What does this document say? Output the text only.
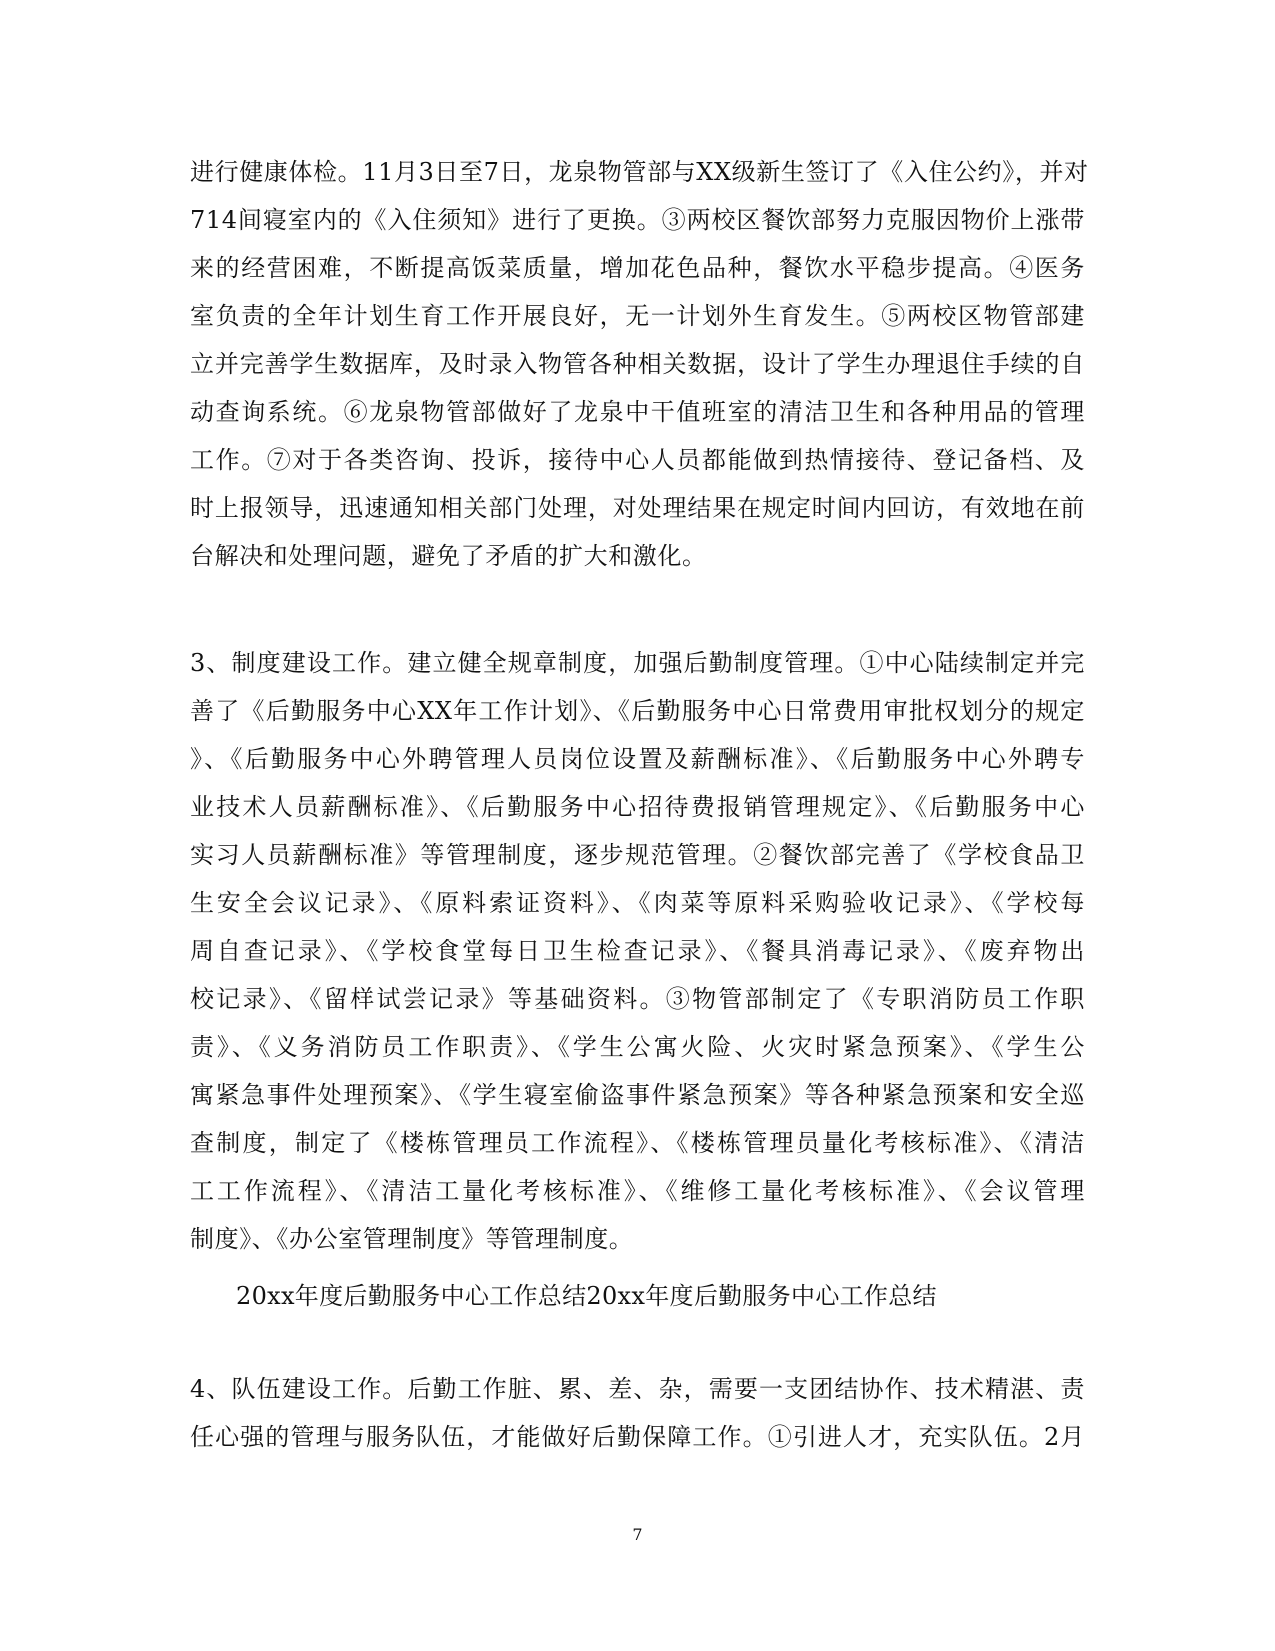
进行健康体检。11月3日至7日，龙泉物管部与XX级新生签订了《入住公约》，并对
714间寝室内的《入住须知》进行了更换。③两校区餐饮部努力克服因物价上涨带
来的经营困难，不断提高饭菜质量，增加花色品种，餐饮水平稳步提高。④医务
室负责的全年计划生育工作开展良好，无一计划外生育发生。⑤两校区物管部建
立并完善学生数据库，及时录入物管各种相关数据，设计了学生办理退住手续的自
动查询系统。⑥龙泉物管部做好了龙泉中干值班室的清洁卫生和各种用品的管理
工作。⑦对于各类咨询、投诉，接待中心人员都能做到热情接待、登记备档、及
时上报领导，迅速通知相关部门处理，对处理结果在规定时间内回访，有效地在前
台解决和处理问题，避免了矛盾的扩大和激化。
3、制度建设工作。建立健全规章制度，加强后勤制度管理。①中心陆续制定并完
善了《后勤服务中心XX年工作计划》、《后勤服务中心日常费用审批权划分的规定
》、《后勤服务中心外聘管理人员岗位设置及薪酬标准》、《后勤服务中心外聘专
业技术人员薪酬标准》、《后勤服务中心招待费报销管理规定》、《后勤服务中心
实习人员薪酬标准》等管理制度，逐步规范管理。②餐饮部完善了《学校食品卫
生安全会议记录》、《原料索证资料》、《肉菜等原料采购验收记录》、《学校每
周自查记录》、《学校食堂每日卫生检查记录》、《餐具消毒记录》、《废弃物出
校记录》、《留样试尝记录》等基础资料。③物管部制定了《专职消防员工作职
责》、《义务消防员工作职责》、《学生公寓火险、火灾时紧急预案》、《学生公
寓紧急事件处理预案》、《学生寝室偷盗事件紧急预案》等各种紧急预案和安全巡
查制度，制定了《楼栋管理员工作流程》、《楼栋管理员量化考核标准》、《清洁
工工作流程》、《清洁工量化考核标准》、《维修工量化考核标准》、《会议管理
制度》、《办公室管理制度》等管理制度。
20xx年度后勤服务中心工作总结20xx年度后勤服务中心工作总结
4、队伍建设工作。后勤工作脏、累、差、杂，需要一支团结协作、技术精湛、责
任心强的管理与服务队伍，才能做好后勤保障工作。①引进人才，充实队伍。2月
7
